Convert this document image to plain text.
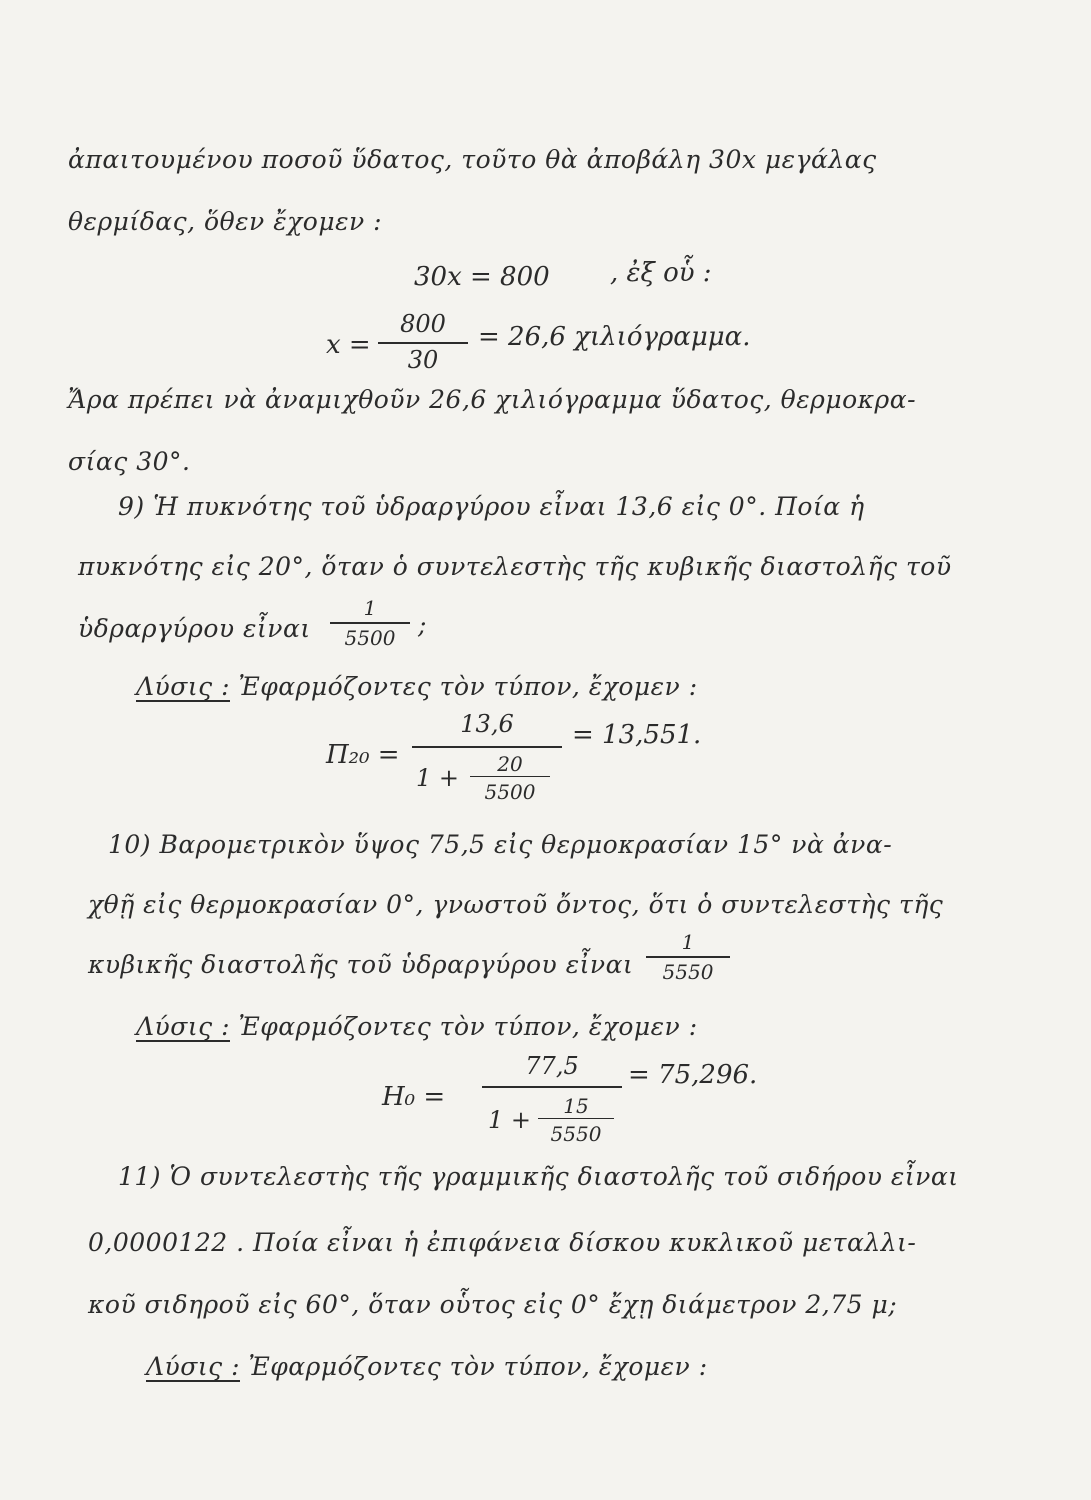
ἀπαιτουμένου ποσοῦ ὕδατος, τοῦτο θὰ ἀποβάλη 30x μεγάλας
θερμίδας, ὅθεν ἔχομεν :
30x = 800 , ἐξ οὗ :
x =
800
30
= 26,6 χιλιόγραμμα.
Ἄρα πρέπει νὰ ἀναμιχθοῦν 26,6 χιλιόγραμμα ὕδατος, θερμοκρα-
σίας 30°.
9) Ἡ πυκνότης τοῦ ὑδραργύρου εἶναι 13,6 εἰς 0°. Ποία ἡ
πυκνότης εἰς 20°, ὅταν ὁ συντελεστὴς τῆς κυβικῆς διαστολῆς τοῦ
ὑδραργύρου εἶναι
1
5500 ;
Λύσις : Ἐφαρμόζοντες τὸν τύπον, ἔχομεν :
Π₂₀ =
13,6
1 +	20
5500
= 13,551.
10) Βαρομετρικὸν ὕψος 75,5 εἰς θερμοκρασίαν 15° νὰ ἀνα-
χθῇ εἰς θερμοκρασίαν 0°, γνωστοῦ ὄντος, ὅτι ὁ συντελεστὴς τῆς
κυβικῆς διαστολῆς τοῦ ὑδραργύρου εἶναι
1
5550
Λύσις : Ἐφαρμόζοντες τὸν τύπον, ἔχομεν :
H₀ =
77,5
1 +	15
5550
= 75,296.
11) Ὁ συντελεστὴς τῆς γραμμικῆς διαστολῆς τοῦ σιδήρου εἶναι
0,0000122 . Ποία εἶναι ἡ ἐπιφάνεια δίσκου κυκλικοῦ μεταλλι-
κοῦ σιδηροῦ εἰς 60°, ὅταν οὗτος εἰς 0° ἔχῃ διάμετρον 2,75 μ;
Λύσις : Ἐφαρμόζοντες τὸν τύπον, ἔχομεν :
